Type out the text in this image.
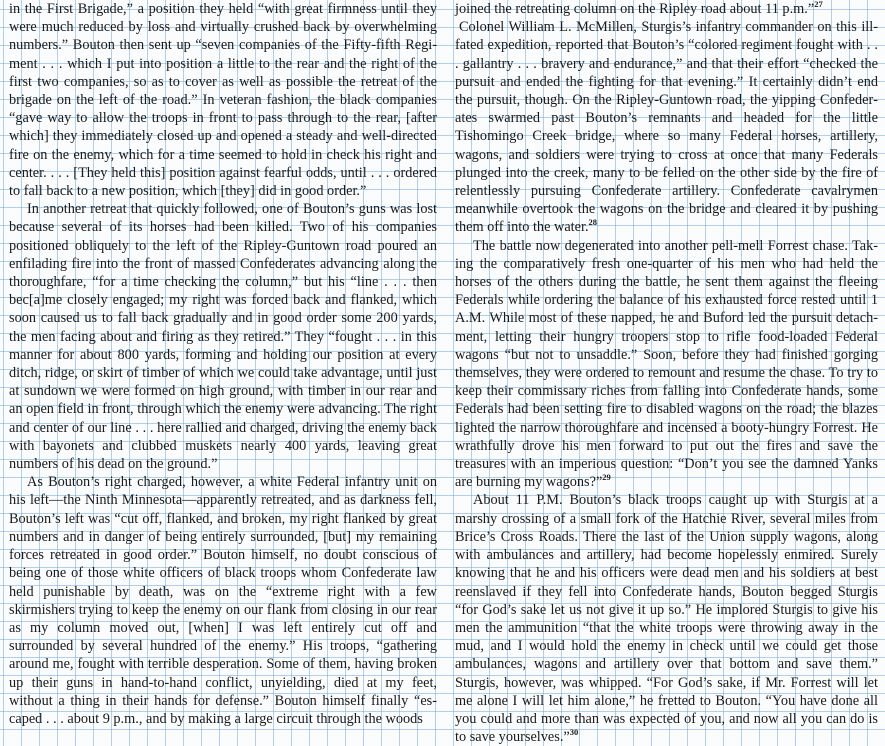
in the First Brigade,” a position they held “with great firmness until they were much reduced by loss and virtually crushed back by overwhelming numbers.” Bouton then sent up “seven companies of the Fifty-fifth Regiment . . . which I put into position a little to the rear and the right of the first two companies, so as to cover as well as possible the retreat of the brigade on the left of the road.” In veteran fashion, the black companies “gave way to allow the troops in front to pass through to the rear, [after which] they immediately closed up and opened a steady and well-directed fire on the enemy, which for a time seemed to hold in check his right and center. . . . [They held this] position against fearful odds, until . . . ordered to fall back to a new position, which [they] did in good order.”

In another retreat that quickly followed, one of Bouton’s guns was lost because several of its horses had been killed. Two of his companies positioned obliquely to the left of the Ripley-Guntown road poured an enfilading fire into the front of massed Confederates advancing along the thoroughfare, “for a time checking the column,” but his “line . . . then bec[a]me closely engaged; my right was forced back and flanked, which soon caused us to fall back gradually and in good order some 200 yards, the men facing about and firing as they retired.” They “fought . . . in this manner for about 800 yards, forming and holding our position at every ditch, ridge, or skirt of timber of which we could take advantage, until just at sundown we were formed on high ground, with timber in our rear and an open field in front, through which the enemy were advancing. The right and center of our line . . . here rallied and charged, driving the enemy back with bayonets and clubbed muskets nearly 400 yards, leaving great numbers of his dead on the ground.”

As Bouton’s right charged, however, a white Federal infantry unit on his left—the Ninth Minnesota—apparently retreated, and as darkness fell, Bouton’s left was “cut off, flanked, and broken, my right flanked by great numbers and in danger of being entirely surrounded, [but] my remaining forces retreated in good order.” Bouton himself, no doubt conscious of being one of those white officers of black troops whom Confederate law held punishable by death, was on the “extreme right with a few skirmishers trying to keep the enemy on our flank from closing in our rear as my column moved out, [when] I was left entirely cut off and surrounded by several hundred of the enemy.” His troops, “gathering around me, fought with terrible desperation. Some of them, having broken up their guns in hand-to-hand conflict, unyielding, died at my feet, without a thing in their hands for defense.” Bouton himself finally “escaped . . . about 9 p.m., and by making a large circuit through the woods

joined the retreating column on the Ripley road about 11 p.m.”$^{27}$

Colonel William L. McMillen, Sturgis’s infantry commander on this ill-fated expedition, reported that Bouton’s “colored regiment fought with . . . gallantry . . . bravery and endurance,” and that their effort “checked the pursuit and ended the fighting for that evening.” It certainly didn’t end the pursuit, though. On the Ripley-Guntown road, the yipping Confederates swarmed past Bouton’s remnants and headed for the little Tishomingo Creek bridge, where so many Federal horses, artillery, wagons, and soldiers were trying to cross at once that many Federals plunged into the creek, many to be felled on the other side by the fire of relentlessly pursuing Confederate artillery. Confederate cavalrymen meanwhile overtook the wagons on the bridge and cleared it by pushing them off into the water.$^{28}$

The battle now degenerated into another pell-mell Forrest chase. Taking the comparatively fresh one-quarter of his men who had held the horses of the others during the battle, he sent them against the fleeing Federals while ordering the balance of his exhausted force rested until 1 A.M. While most of these napped, he and Buford led the pursuit detachment, letting their hungry troopers stop to rifle food-loaded Federal wagons “but not to unsaddle.” Soon, before they had finished gorging themselves, they were ordered to remount and resume the chase. To try to keep their commissary riches from falling into Confederate hands, some Federals had been setting fire to disabled wagons on the road; the blazes lighted the narrow thoroughfare and incensed a booty-hungry Forrest. He wrathfully drove his men forward to put out the fires and save the treasures with an imperious question: “Don’t you see the damned Yanks are burning my wagons?”$^{29}$

About 11 P.M. Bouton’s black troops caught up with Sturgis at a marshy crossing of a small fork of the Hatchie River, several miles from Brice’s Cross Roads. There the last of the Union supply wagons, along with ambulances and artillery, had become hopelessly enmired. Surely knowing that he and his officers were dead men and his soldiers at best reenslaved if they fell into Confederate hands, Bouton begged Sturgis “for God’s sake let us not give it up so.” He implored Sturgis to give his men the ammunition “that the white troops were throwing away in the mud, and I would hold the enemy in check until we could get those ambulances, wagons and artillery over that bottom and save them.” Sturgis, however, was whipped. “For God’s sake, if Mr. Forrest will let me alone I will let him alone,” he fretted to Bouton. “You have done all you could and more than was expected of you, and now all you can do is to save yourselves.”$^{30}$
